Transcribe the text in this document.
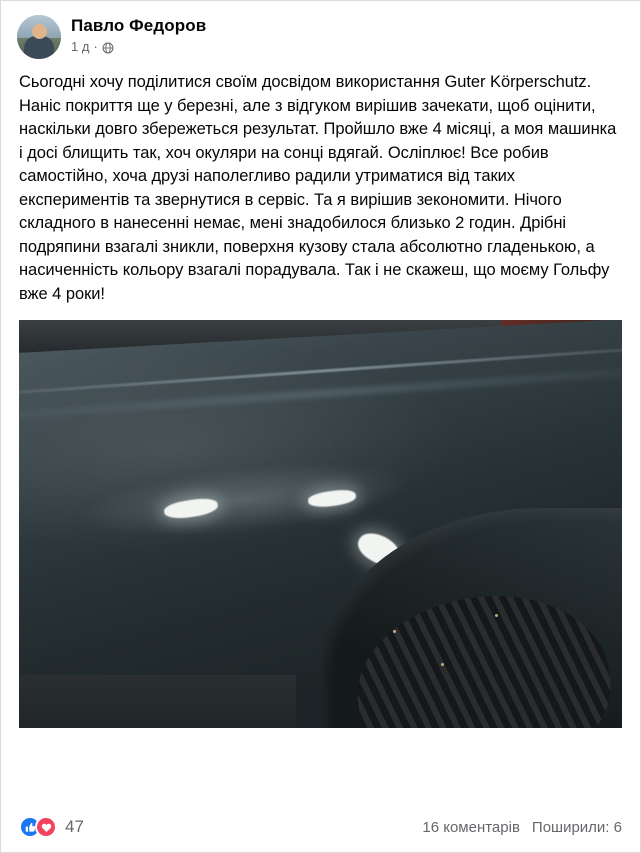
Павло Федоров
1 д ·
Сьогодні хочу поділитися своїм досвідом використання Guter Körperschutz. Наніс покриття ще у березні, але з відгуком вирішив зачекати, щоб оцінити, наскільки довго збережеться результат. Пройшло вже 4 місяці, а моя машинка і досі блищить так, хоч окуляри на сонці вдягай. Осліплює! Все робив самостійно, хоча друзі наполегливо радили утриматися від таких експериментів та звернутися в сервіс. Та я вирішив зекономити. Нічого складного в нанесенні немає, мені знадобилося близько 2 годин. Дрібні подряпини взагалі зникли, поверхня кузову стала абсолютно гладенькою, а насиченність кольору взагалі порадувала. Так і не скажеш, що моєму Гольфу вже 4 роки!
47	16 коментарів Поширили: 6
